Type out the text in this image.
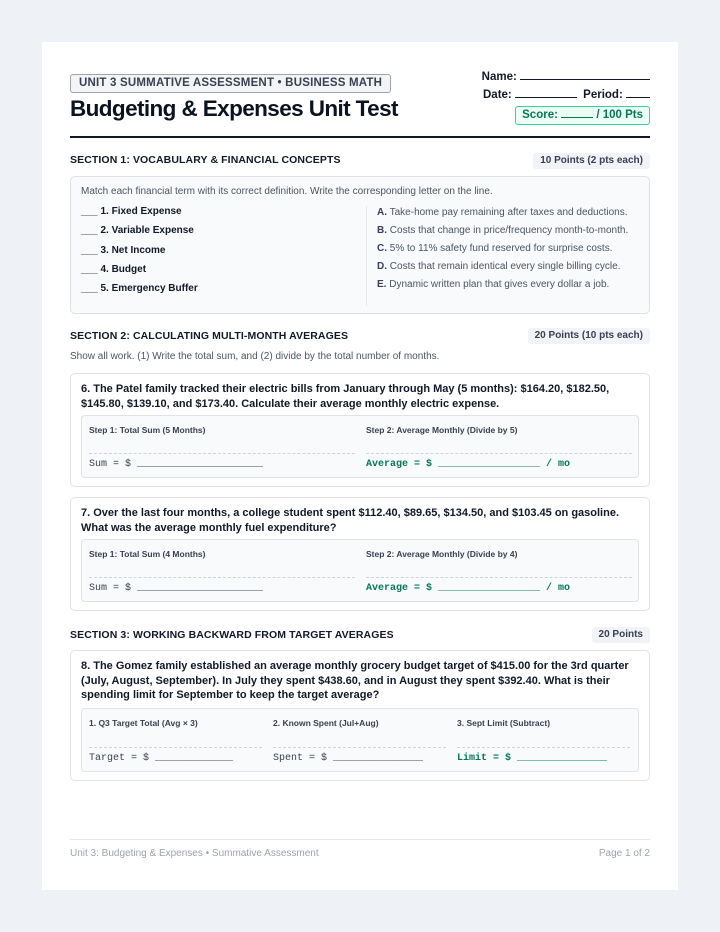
UNIT 3 SUMMATIVE ASSESSMENT • BUSINESS MATH
Budgeting & Expenses Unit Test
Name:
Date:	Period:
Score:	/ 100 Pts
SECTION 1: VOCABULARY & FINANCIAL CONCEPTS	10 Points (2 pts each)
Match each financial term with its correct definition. Write the corresponding letter on the line.
___ 1. Fixed Expense
___ 2. Variable Expense
___ 3. Net Income
___ 4. Budget
___ 5. Emergency Buffer
A. Take-home pay remaining after taxes and deductions.
B. Costs that change in price/frequency month-to-month.
C. 5% to 11% safety fund reserved for surprise costs.
D. Costs that remain identical every single billing cycle.
E. Dynamic written plan that gives every dollar a job.
SECTION 2: CALCULATING MULTI-MONTH AVERAGES	20 Points (10 pts each)
Show all work. (1) Write the total sum, and (2) divide by the total number of months.
6. The Patel family tracked their electric bills from January through May (5 months): $164.20, $182.50, $145.80, $139.10, and $173.40. Calculate their average monthly electric expense.
Step 1: Total Sum (5 Months)	Step 2: Average Monthly (Divide by 5)
Sum = $ _____________________	Average = $ _________________ / mo
7. Over the last four months, a college student spent $112.40, $89.65, $134.50, and $103.45 on gasoline. What was the average monthly fuel expenditure?
Step 1: Total Sum (4 Months)	Step 2: Average Monthly (Divide by 4)
Sum = $ _____________________	Average = $ _________________ / mo
SECTION 3: WORKING BACKWARD FROM TARGET AVERAGES	20 Points
8. The Gomez family established an average monthly grocery budget target of $415.00 for the 3rd quarter (July, August, September). In July they spent $438.60, and in August they spent $392.40. What is their spending limit for September to keep the target average?
1. Q3 Target Total (Avg × 3)	2. Known Spent (Jul+Aug)	3. Sept Limit (Subtract)
Target = $ _____________	Spent = $ _______________	Limit = $ _______________
Unit 3: Budgeting & Expenses • Summative Assessment	Page 1 of 2
